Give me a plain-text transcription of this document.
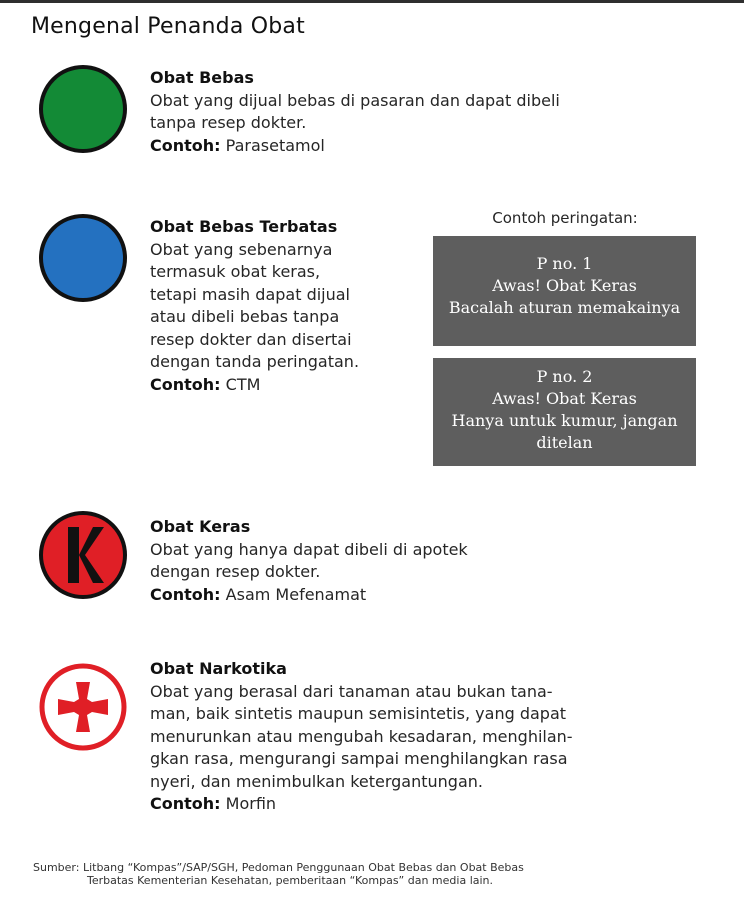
Mengenal Penanda Obat
Obat Bebas
Obat yang dijual bebas di pasaran dan dapat dibeli
tanpa resep dokter.
Contoh: Parasetamol
Obat Bebas Terbatas
Obat yang sebenarnya
termasuk obat keras,
tetapi masih dapat dijual
atau dibeli bebas tanpa
resep dokter dan disertai
dengan tanda peringatan.
Contoh: CTM
Obat Keras
Obat yang hanya dapat dibeli di apotek
dengan resep dokter.
Contoh: Asam Mefenamat
Obat Narkotika
Obat yang berasal dari tanaman atau bukan tana-
man, baik sintetis maupun semisintetis, yang dapat
menurunkan atau mengubah kesadaran, menghilan-
gkan rasa, mengurangi sampai menghilangkan rasa
nyeri, dan menimbulkan ketergantungan.
Contoh: Morfin
Contoh peringatan:
P no. 1
Awas! Obat Keras
Bacalah aturan memakainya
P no. 2
Awas! Obat Keras
Hanya untuk kumur, jangan
ditelan
Sumber: Litbang “Kompas”/SAP/SGH, Pedoman Penggunaan Obat Bebas dan Obat Bebas
Terbatas Kementerian Kesehatan, pemberitaan “Kompas” dan media lain.
